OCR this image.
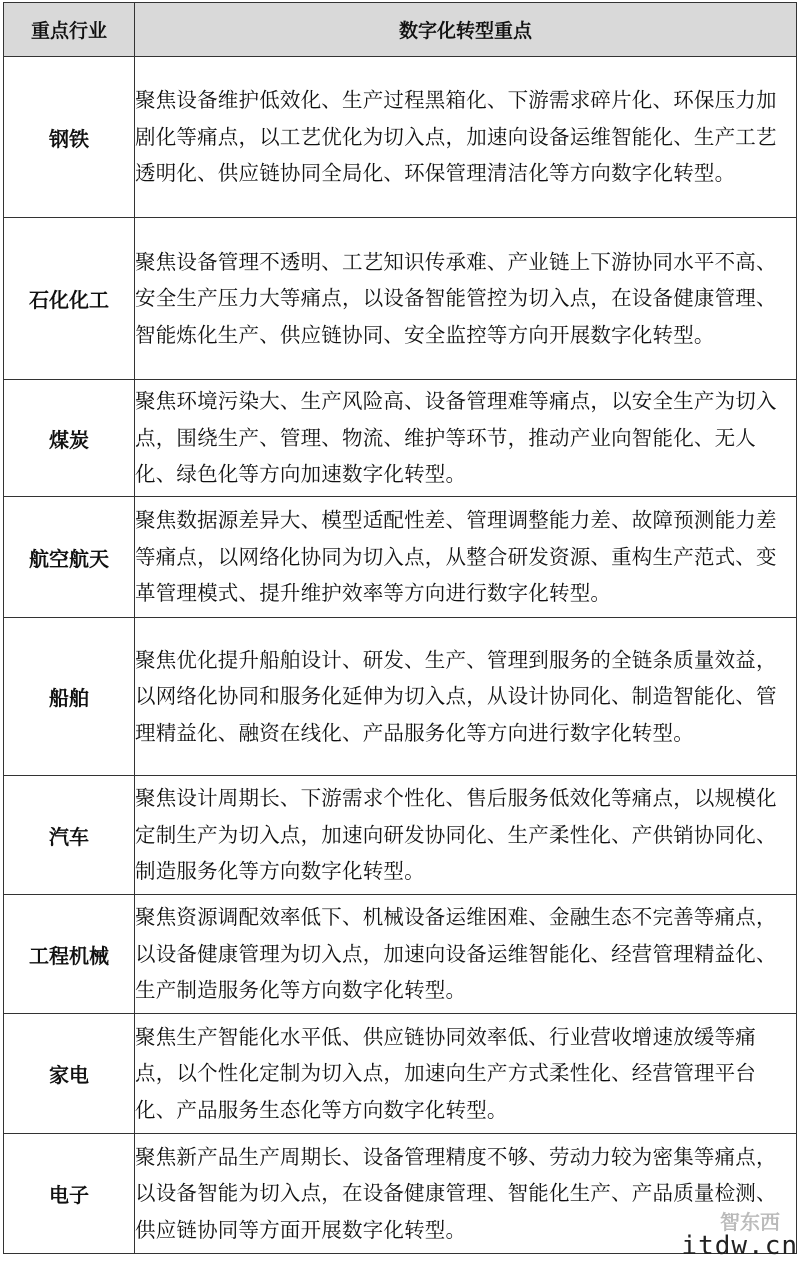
重点行业	数字化转型重点
钢铁	聚焦设备维护低效化、生产过程黑箱化、下游需求碎片化、环保压力加剧化等痛点，以工艺优化为切入点，加速向设备运维智能化、生产工艺透明化、供应链协同全局化、环保管理清洁化等方向数字化转型。
石化化工	聚焦设备管理不透明、工艺知识传承难、产业链上下游协同水平不高、安全生产压力大等痛点，以设备智能管控为切入点，在设备健康管理、智能炼化生产、供应链协同、安全监控等方向开展数字化转型。
煤炭	聚焦环境污染大、生产风险高、设备管理难等痛点，以安全生产为切入点，围绕生产、管理、物流、维护等环节，推动产业向智能化、无人化、绿色化等方向加速数字化转型。
航空航天	聚焦数据源差异大、模型适配性差、管理调整能力差、故障预测能力差等痛点，以网络化协同为切入点，从整合研发资源、重构生产范式、变革管理模式、提升维护效率等方向进行数字化转型。
船舶	聚焦优化提升船舶设计、研发、生产、管理到服务的全链条质量效益，以网络化协同和服务化延伸为切入点，从设计协同化、制造智能化、管理精益化、融资在线化、产品服务化等方向进行数字化转型。
汽车	聚焦设计周期长、下游需求个性化、售后服务低效化等痛点，以规模化定制生产为切入点，加速向研发协同化、生产柔性化、产供销协同化、制造服务化等方向数字化转型。
工程机械	聚焦资源调配效率低下、机械设备运维困难、金融生态不完善等痛点，以设备健康管理为切入点，加速向设备运维智能化、经营管理精益化、生产制造服务化等方向数字化转型。
家电	聚焦生产智能化水平低、供应链协同效率低、行业营收增速放缓等痛点，以个性化定制为切入点，加速向生产方式柔性化、经营管理平台化、产品服务生态化等方向数字化转型。
电子	聚焦新产品生产周期长、设备管理精度不够、劳动力较为密集等痛点，以设备智能为切入点，在设备健康管理、智能化生产、产品质量检测、供应链协同等方面开展数字化转型。	智东西
itdw.cn
